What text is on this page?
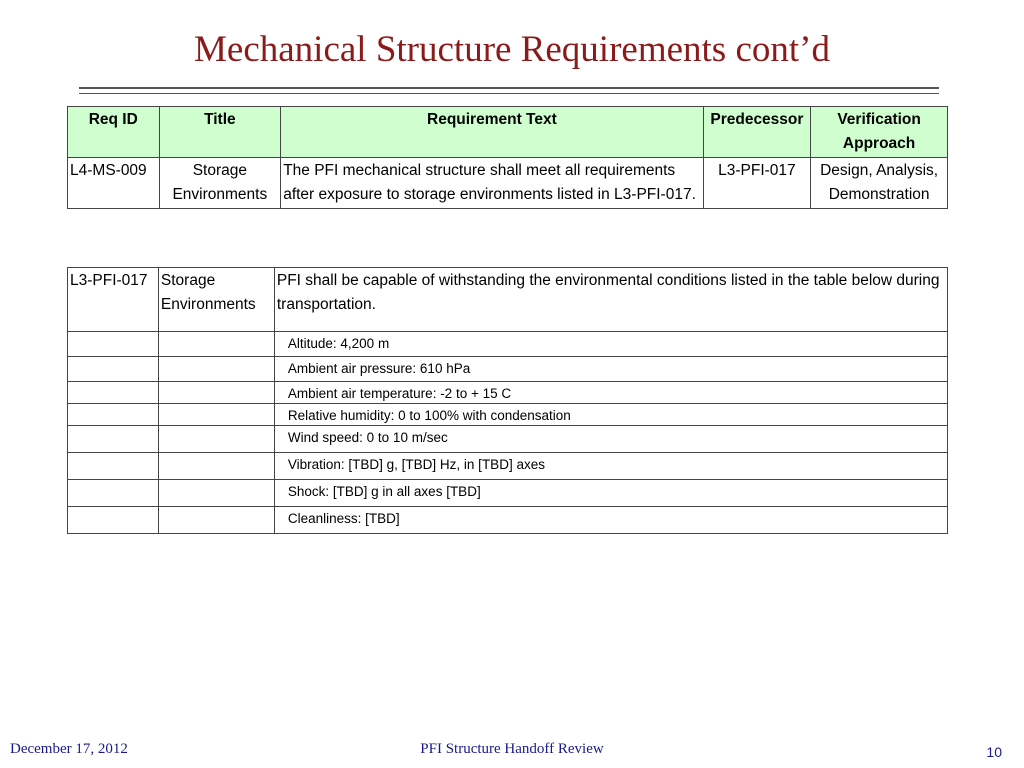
Mechanical Structure Requirements cont’d
Req ID	Title	Requirement Text	Predecessor	Verification Approach
L4-MS-009	Storage Environments	The PFI mechanical structure shall meet all requirements after exposure to storage environments listed in L3-PFI-017.	L3-PFI-017	Design, Analysis, Demonstration
L3-PFI-017	Storage Environments	PFI shall be capable of withstanding the environmental conditions listed in the table below during transportation.
		Altitude: 4,200 m
		Ambient air pressure: 610 hPa
		Ambient air temperature: -2 to + 15 C
		Relative humidity: 0 to 100% with condensation
		Wind speed: 0 to 10 m/sec
		Vibration: [TBD] g, [TBD] Hz, in [TBD] axes
		Shock: [TBD] g in all axes [TBD]
		Cleanliness: [TBD]
December 17, 2012	PFI Structure Handoff Review	10
